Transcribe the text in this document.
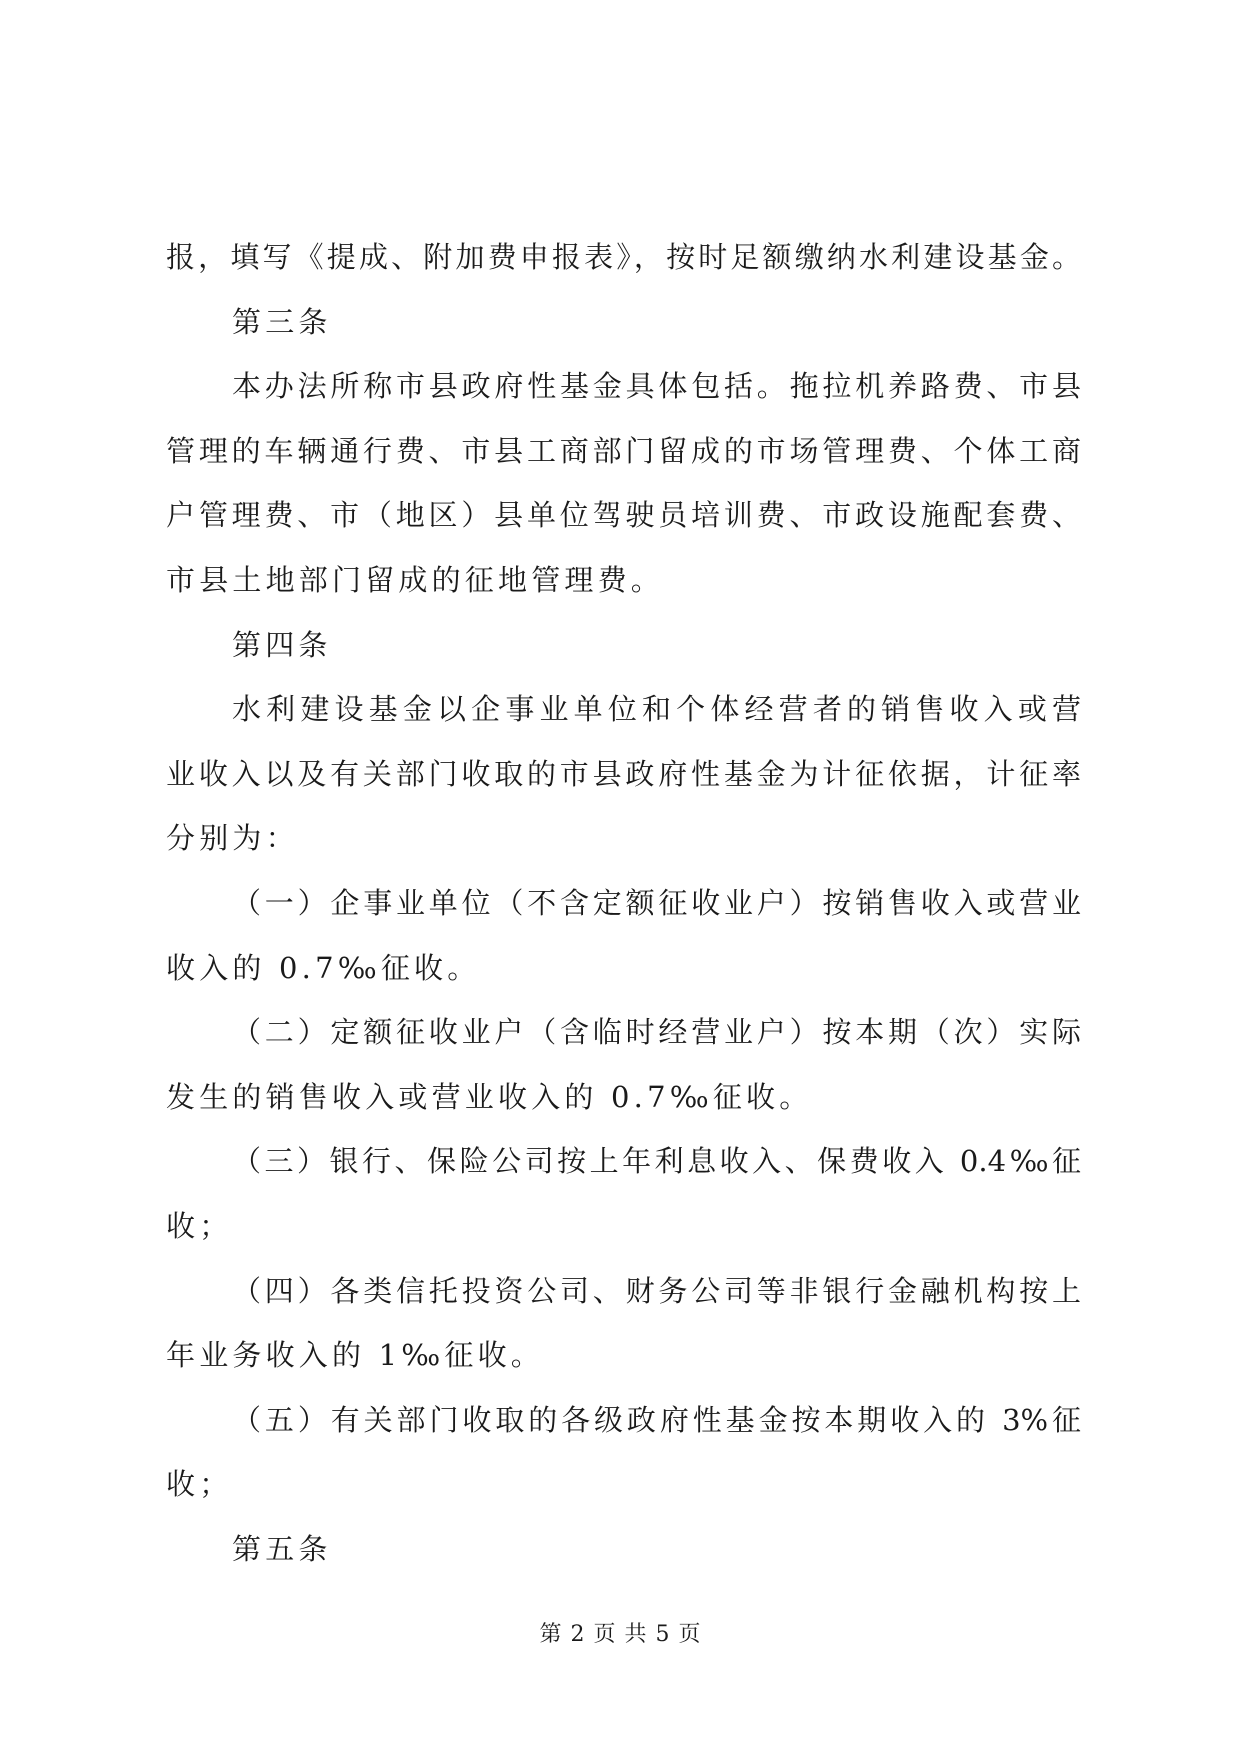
报，填写《提成、附加费申报表》，按时足额缴纳水利建设基金。
第三条
本办法所称市县政府性基金具体包括。拖拉机养路费、市县
管理的车辆通行费、市县工商部门留成的市场管理费、个体工商
户管理费、市（地区）县单位驾驶员培训费、市政设施配套费、
市县土地部门留成的征地管理费。
第四条
水利建设基金以企事业单位和个体经营者的销售收入或营
业收入以及有关部门收取的市县政府性基金为计征依据，计征率
分别为：
（一）企事业单位（不含定额征收业户）按销售收入或营业
收入的 0.7‰征收。
（二）定额征收业户（含临时经营业户）按本期（次）实际
发生的销售收入或营业收入的 0.7‰征收。
（三）银行、保险公司按上年利息收入、保费收入 0.4‰征
收；
（四）各类信托投资公司、财务公司等非银行金融机构按上
年业务收入的 1‰征收。
（五）有关部门收取的各级政府性基金按本期收入的 3%征
收；
第五条
第 2 页 共 5 页
